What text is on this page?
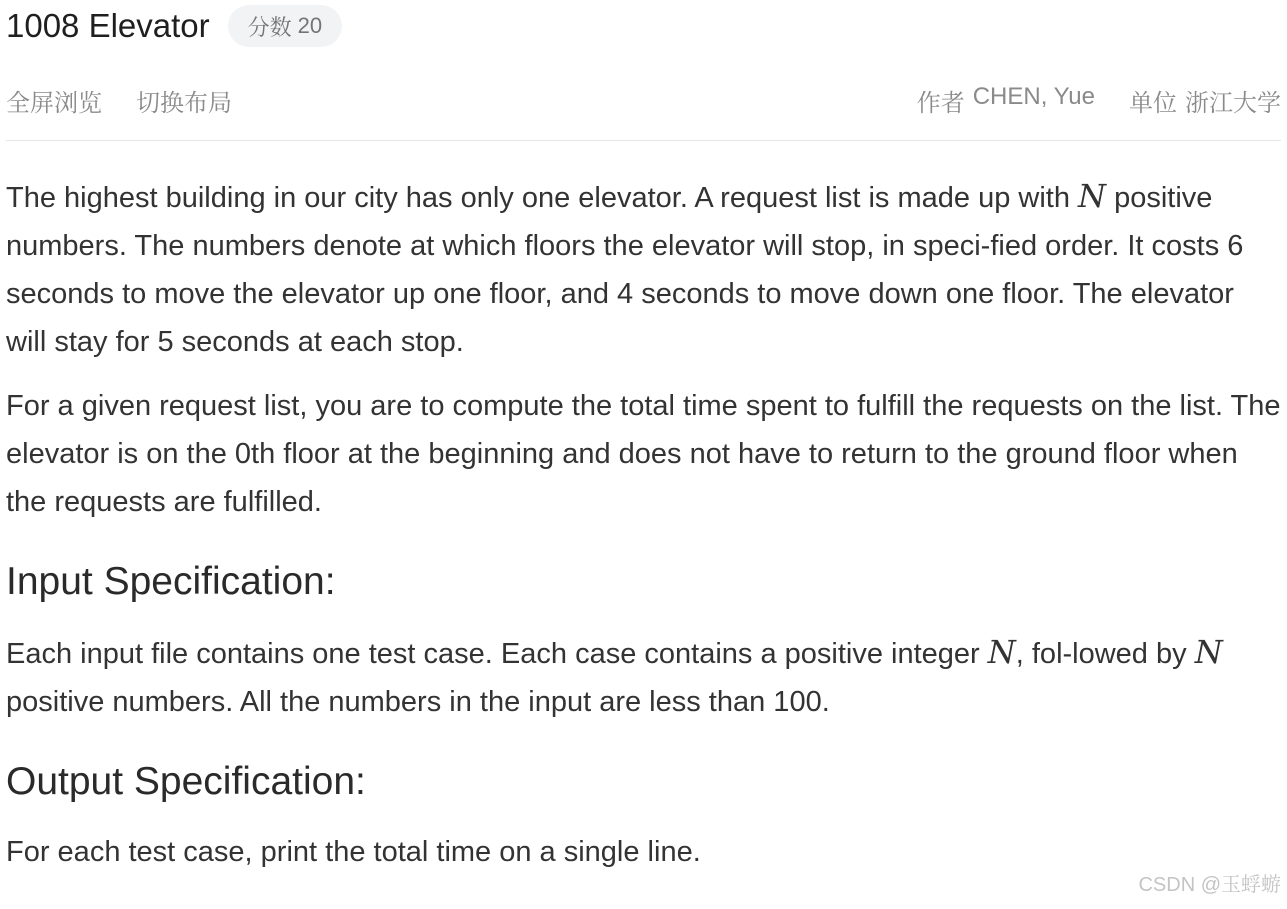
1008 Elevator 分数 20
全屏浏览 切换布局	作者 CHEN, Yue 单位 浙江大学

The highest building in our city has only one elevator. A request list is made up with N positive numbers. The numbers denote at which floors the elevator will stop, in speci-fied order. It costs 6 seconds to move the elevator up one floor, and 4 seconds to move down one floor. The elevator will stay for 5 seconds at each stop.

For a given request list, you are to compute the total time spent to fulfill the requests on the list. The elevator is on the 0th floor at the beginning and does not have to return to the ground floor when the requests are fulfilled.

Input Specification:

Each input file contains one test case. Each case contains a positive integer N, fol-lowed by N positive numbers. All the numbers in the input are less than 100.

Output Specification:

For each test case, print the total time on a single line.

CSDN @玉蜉蝣
